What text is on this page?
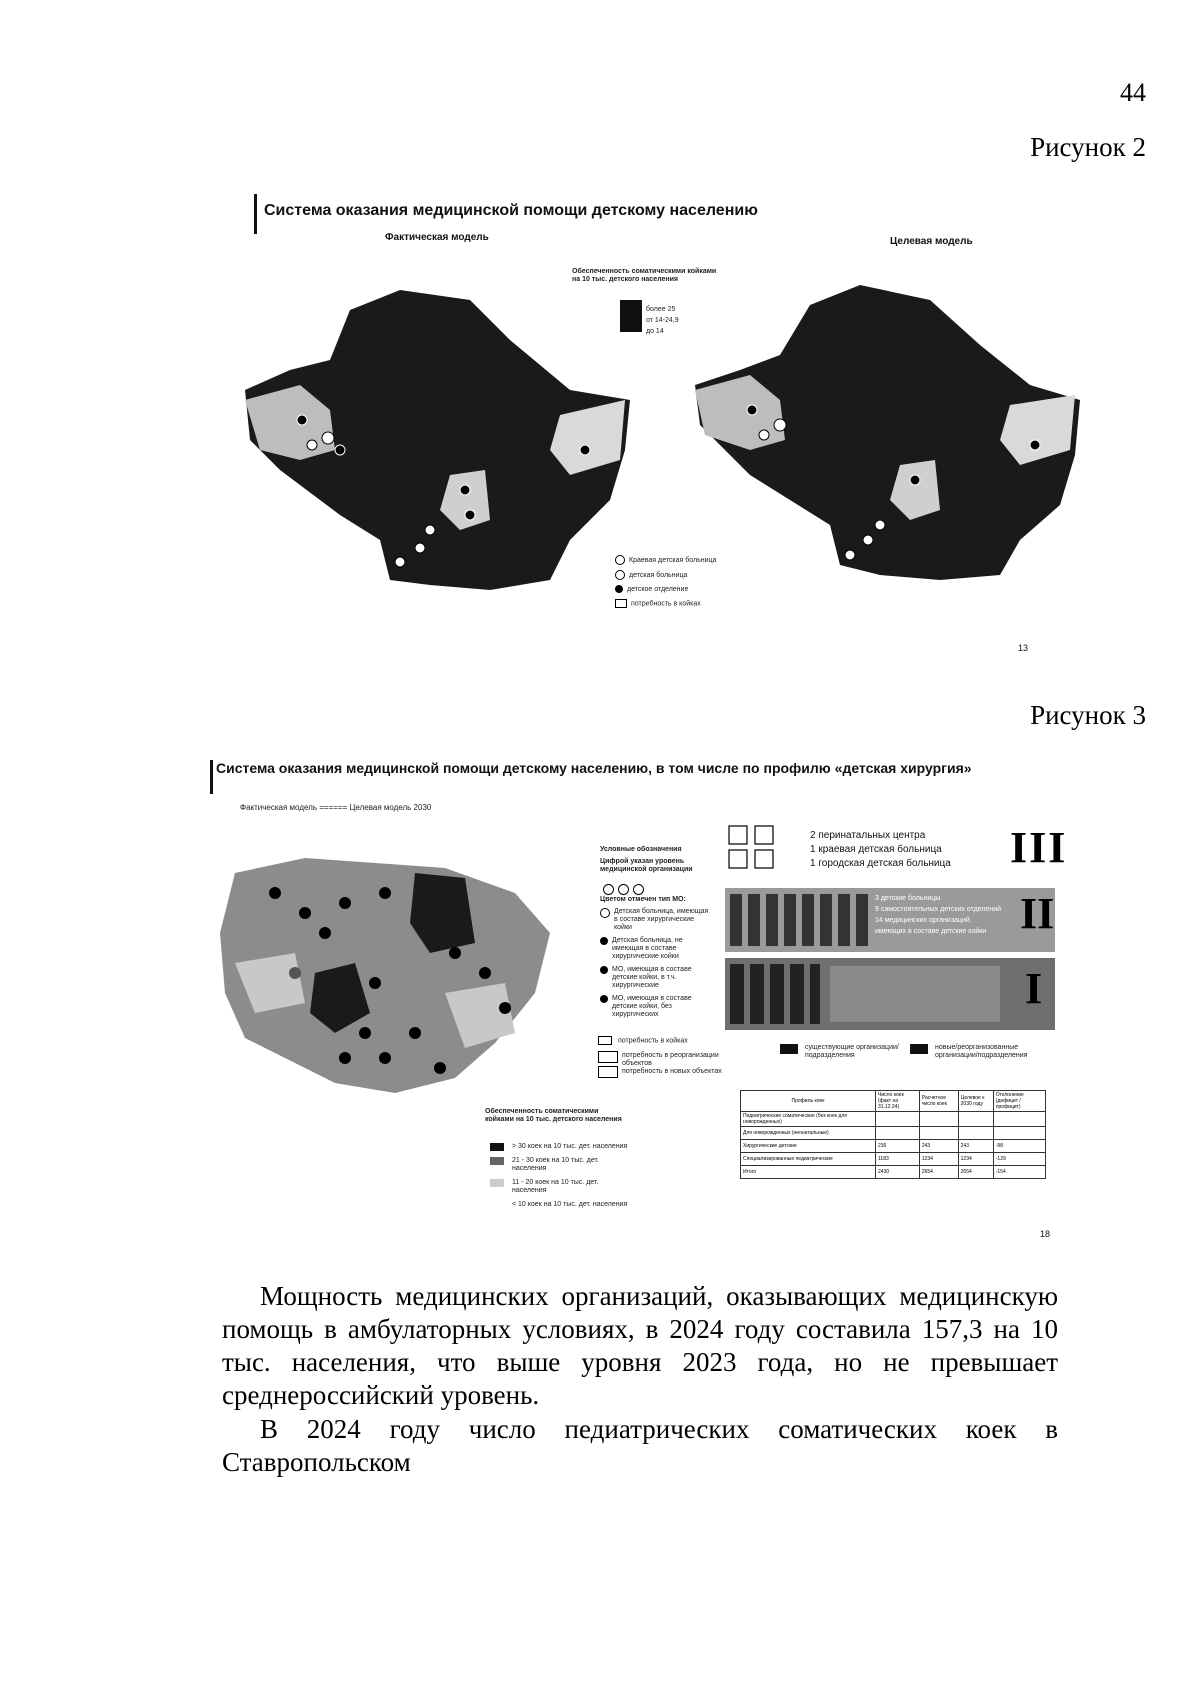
44
Рисунок 2
Система оказания медицинской помощи детскому населению
Фактическая модель	Целевая модель
Обеспеченность соматическими койками на 10 тыс. детского населения
более 25
от 14-24,9
до 14
Краевая детская больница
детская больница
детское отделение
потребность в койках
13
Рисунок 3
Система оказания медицинской помощи детскому населению, в том числе по профилю «детская хирургия»
Фактическая модель ====== Целевая модель 2030
Условные обозначения
Цифрой указан уровень медицинской организации

Цветом отмечен тип МО:
Детская больница, имеющая в составе хирургические койки
Детская больница, не имеющая в составе хирургические койки
МО, имеющая в составе детские койки, в т.ч. хирургические
МО, имеющая в составе детские койки, без хирургических
потребность в койках
потребность в реорганизации объектов
потребность в новых объектах
2 перинатальных центра
1 краевая детская больница
1 городская детская больница III
3 детские больницы
9 самостоятельных детских отделений
14 медицинских организаций,
имеющих в составе детские койки II
I
существующие организации/подразделения
новые/реорганизованные организации/подразделения
Обеспеченность соматическими койками на 10 тыс. детского населения
> 30 коек на 10 тыс. дет. населения
21 - 30 коек на 10 тыс. дет. населения
11 - 20 коек на 10 тыс. дет. населения
< 10 коек на 10 тыс. дет. населения
Профиль коек	Число коек (факт на 31.12.24)	Расчетное число коек	Целевое к 2030 году	Отклонение (дефицит / профицит)
Педиатрические соматические (без коек для новорожденных)				
Для новорожденных (неонатальные)				
Хирургические детские	236	243	243	-98
Специализированные педиатрические	1183	1234	1234	-129
Итого	2430	2654	2654	-154
18
Мощность медицинских организаций, оказывающих медицинскую помощь в амбулаторных условиях, в 2024 году составила 157,3 на 10 тыс. населения, что выше уровня 2023 года, но не превышает среднероссийский уровень.
В 2024 году число педиатрических соматических коек в Ставропольском
